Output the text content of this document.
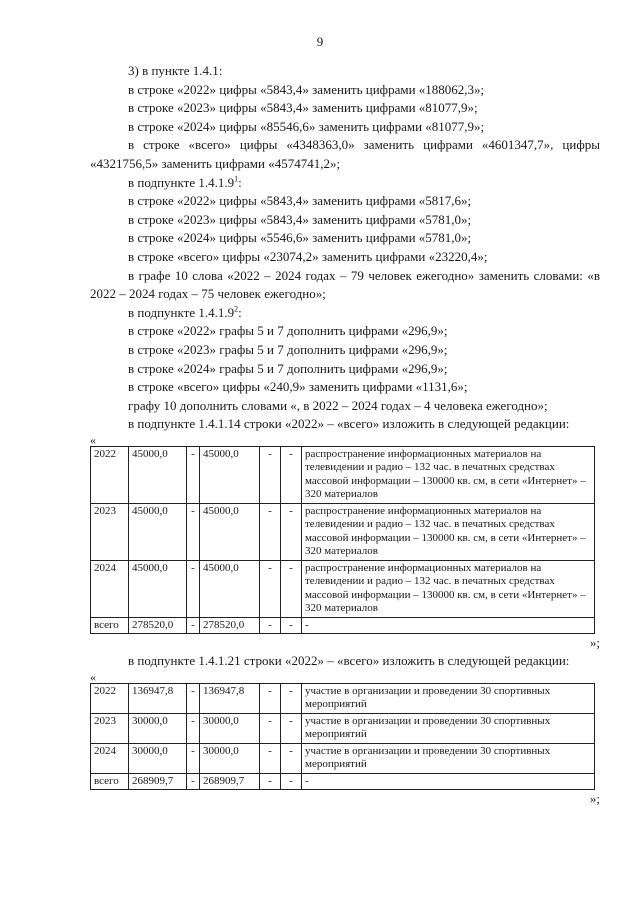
9

3) в пункте 1.4.1:

в строке «2022» цифры «5843,4» заменить цифрами «188062,3»;

в строке «2023» цифры «5843,4» заменить цифрами «81077,9»;

в строке «2024» цифры «85546,6» заменить цифрами «81077,9»;

в строке «всего» цифры «4348363,0» заменить цифрами «4601347,7», цифры «4321756,5» заменить цифрами «4574741,2»;

в подпункте 1.4.1.9$^1$:

в строке «2022» цифры «5843,4» заменить цифрами «5817,6»;

в строке «2023» цифры «5843,4» заменить цифрами «5781,0»;

в строке «2024» цифры «5546,6» заменить цифрами «5781,0»;

в строке «всего» цифры «23074,2» заменить цифрами «23220,4»;

в графе 10 слова «2022 – 2024 годах – 79 человек ежегодно» заменить словами: «в 2022 – 2024 годах – 75 человек ежегодно»;

в подпункте 1.4.1.9$^2$:

в строке «2022» графы 5 и 7 дополнить цифрами «296,9»;

в строке «2023» графы 5 и 7 дополнить цифрами «296,9»;

в строке «2024» графы 5 и 7 дополнить цифрами «296,9»;

в строке «всего» цифры «240,9» заменить цифрами «1131,6»;

графу 10 дополнить словами «, в 2022 – 2024 годах – 4 человека ежегодно»;

в подпункте 1.4.1.14 строки «2022» – «всего» изложить в следующей редакции:

«

2022	45000,0	-	45000,0	-	-	распространение информационных материалов на телевидении и радио – 132 час. в печатных средствах массовой информации – 130000 кв. см, в сети «Интернет» – 320 материалов
2023	45000,0	-	45000,0	-	-	распространение информационных материалов на телевидении и радио – 132 час. в печатных средствах массовой информации – 130000 кв. см, в сети «Интернет» – 320 материалов
2024	45000,0	-	45000,0	-	-	распространение информационных материалов на телевидении и радио – 132 час. в печатных средствах массовой информации – 130000 кв. см, в сети «Интернет» – 320 материалов
всего	278520,0	-	278520,0	-	-	-

»;

в подпункте 1.4.1.21 строки «2022» – «всего» изложить в следующей редакции:

«

2022	136947,8	-	136947,8	-	-	участие в организации и проведении 30 спортивных мероприятий
2023	30000,0	-	30000,0	-	-	участие в организации и проведении 30 спортивных мероприятий
2024	30000,0	-	30000,0	-	-	участие в организации и проведении 30 спортивных мероприятий
всего	268909,7	-	268909,7	-	-	-

»;
